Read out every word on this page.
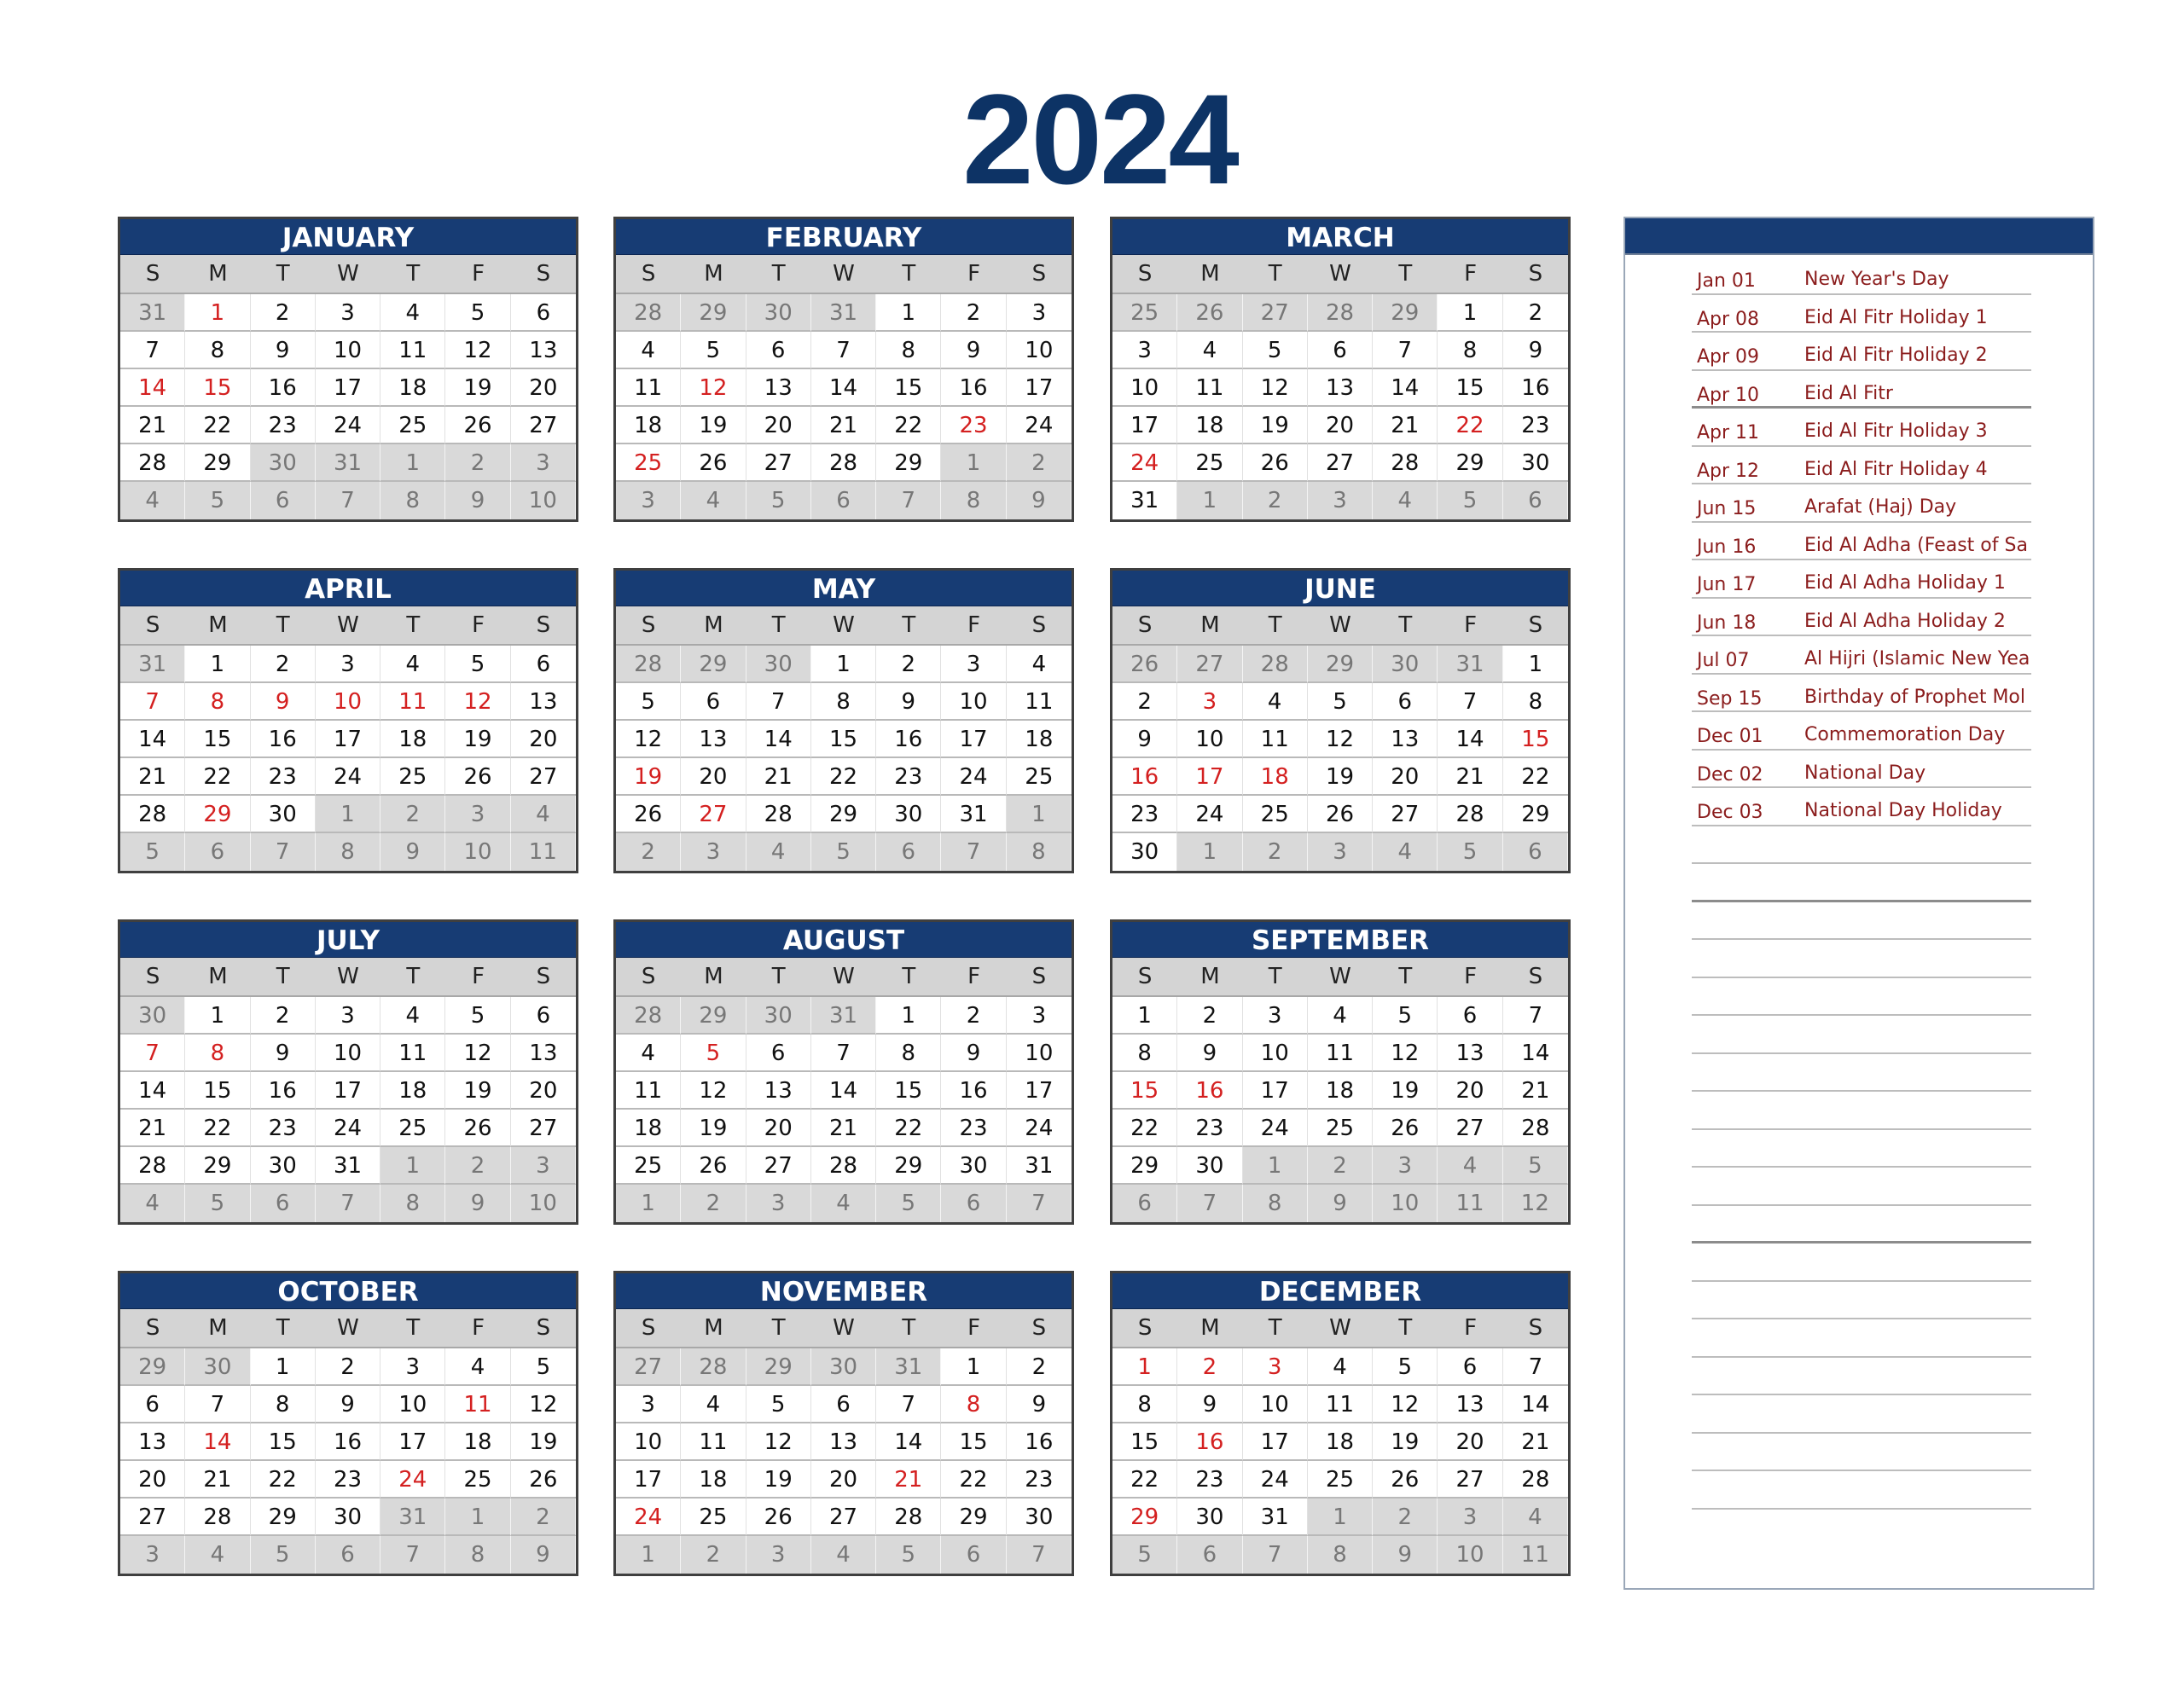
2024
JANUARY
S	M	T	W	T	F	S
31	1	2	3	4	5	6
7	8	9	10	11	12	13
14	15	16	17	18	19	20
21	22	23	24	25	26	27
28	29	30	31	1	2	3
4	5	6	7	8	9	10
FEBRUARY
S	M	T	W	T	F	S
28	29	30	31	1	2	3
4	5	6	7	8	9	10
11	12	13	14	15	16	17
18	19	20	21	22	23	24
25	26	27	28	29	1	2
3	4	5	6	7	8	9
MARCH
S	M	T	W	T	F	S
25	26	27	28	29	1	2
3	4	5	6	7	8	9
10	11	12	13	14	15	16
17	18	19	20	21	22	23
24	25	26	27	28	29	30
31	1	2	3	4	5	6
APRIL
S	M	T	W	T	F	S
31	1	2	3	4	5	6
7	8	9	10	11	12	13
14	15	16	17	18	19	20
21	22	23	24	25	26	27
28	29	30	1	2	3	4
5	6	7	8	9	10	11
MAY
S	M	T	W	T	F	S
28	29	30	1	2	3	4
5	6	7	8	9	10	11
12	13	14	15	16	17	18
19	20	21	22	23	24	25
26	27	28	29	30	31	1
2	3	4	5	6	7	8
JUNE
S	M	T	W	T	F	S
26	27	28	29	30	31	1
2	3	4	5	6	7	8
9	10	11	12	13	14	15
16	17	18	19	20	21	22
23	24	25	26	27	28	29
30	1	2	3	4	5	6
JULY
S	M	T	W	T	F	S
30	1	2	3	4	5	6
7	8	9	10	11	12	13
14	15	16	17	18	19	20
21	22	23	24	25	26	27
28	29	30	31	1	2	3
4	5	6	7	8	9	10
AUGUST
S	M	T	W	T	F	S
28	29	30	31	1	2	3
4	5	6	7	8	9	10
11	12	13	14	15	16	17
18	19	20	21	22	23	24
25	26	27	28	29	30	31
1	2	3	4	5	6	7
SEPTEMBER
S	M	T	W	T	F	S
1	2	3	4	5	6	7
8	9	10	11	12	13	14
15	16	17	18	19	20	21
22	23	24	25	26	27	28
29	30	1	2	3	4	5
6	7	8	9	10	11	12
OCTOBER
S	M	T	W	T	F	S
29	30	1	2	3	4	5
6	7	8	9	10	11	12
13	14	15	16	17	18	19
20	21	22	23	24	25	26
27	28	29	30	31	1	2
3	4	5	6	7	8	9
NOVEMBER
S	M	T	W	T	F	S
27	28	29	30	31	1	2
3	4	5	6	7	8	9
10	11	12	13	14	15	16
17	18	19	20	21	22	23
24	25	26	27	28	29	30
1	2	3	4	5	6	7
DECEMBER
S	M	T	W	T	F	S
1	2	3	4	5	6	7
8	9	10	11	12	13	14
15	16	17	18	19	20	21
22	23	24	25	26	27	28
29	30	31	1	2	3	4
5	6	7	8	9	10	11
Jan 01	New Year's Day
Apr 08 Eid Al Fitr Holiday 1
Apr 09 Eid Al Fitr Holiday 2
Apr 10 Eid Al Fitr
Apr 11 Eid Al Fitr Holiday 3
Apr 12 Eid Al Fitr Holiday 4
Jun 15	Arafat (Haj) Day
Jun 16	Eid Al Adha (Feast of Sa
Jun 17	Eid Al Adha Holiday 1
Jun 18	Eid Al Adha Holiday 2
Jul 07	Al Hijri (Islamic New Yea
Sep 15 Birthday of Prophet Mol
Dec 01 Commemoration Day
Dec 02 National Day
Dec 03 National Day Holiday
